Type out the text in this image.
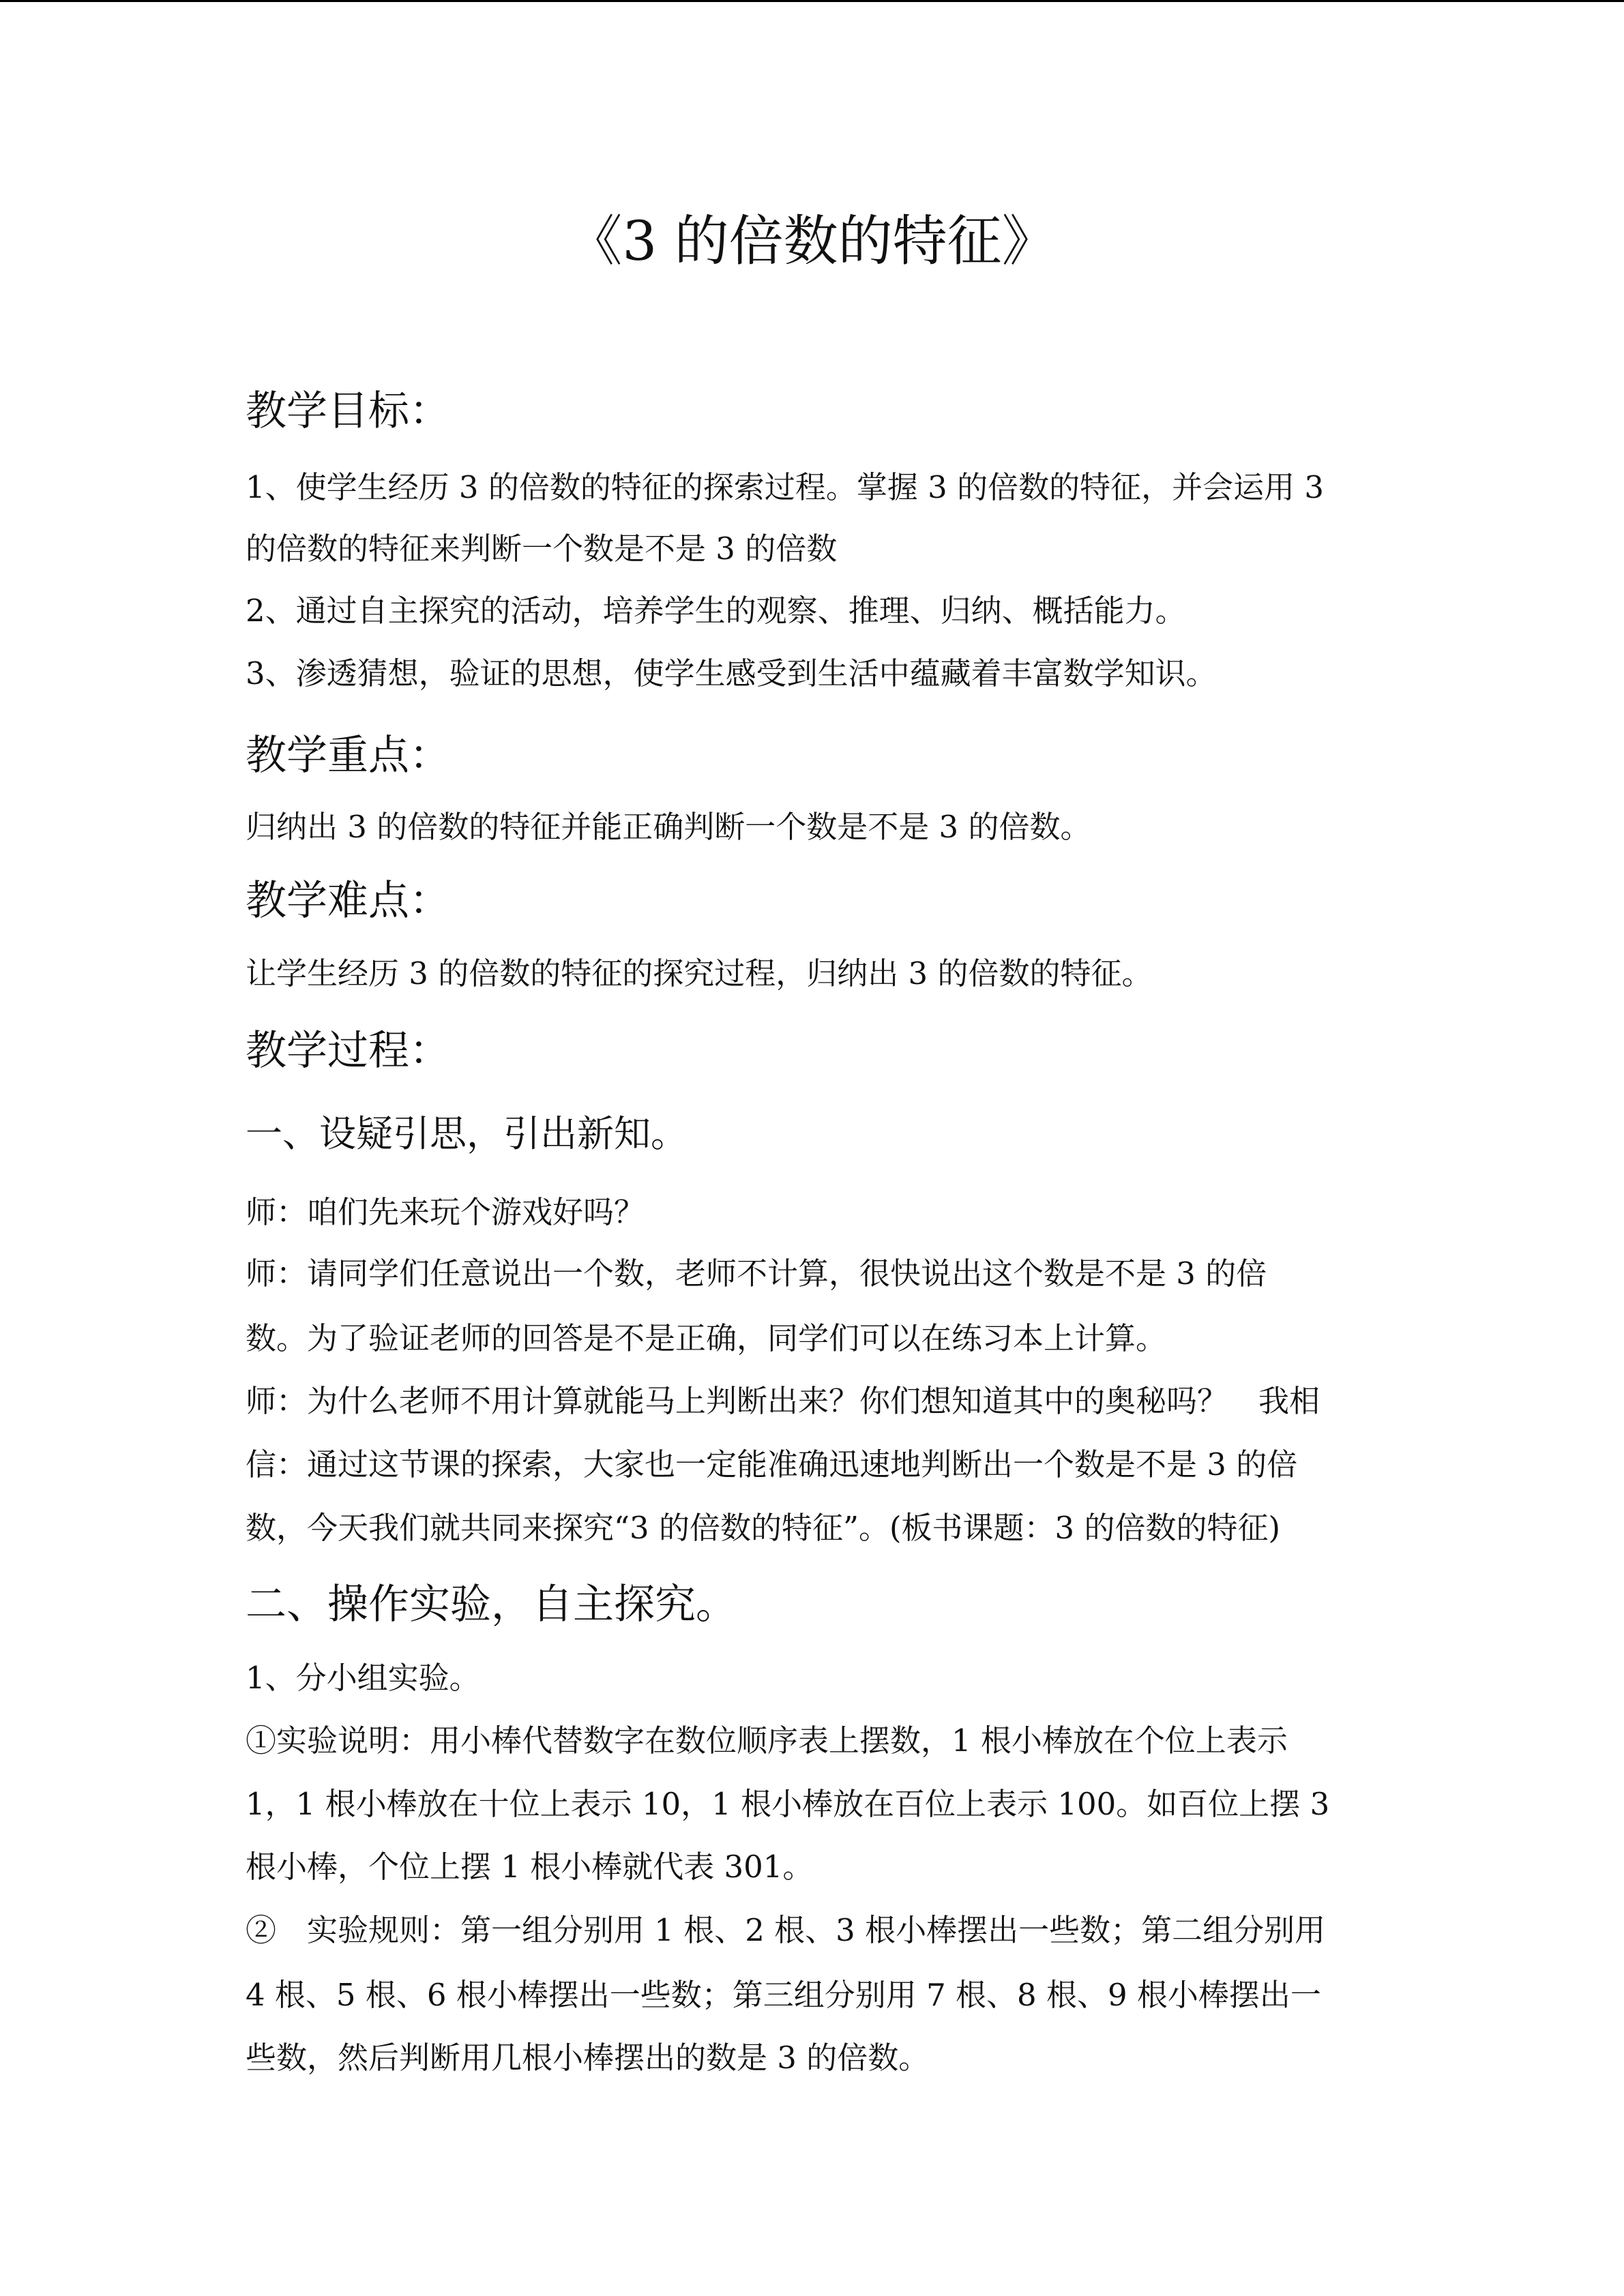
《3 的倍数的特征》
教学目标：
1、使学生经历 3 的倍数的特征的探索过程。掌握 3 的倍数的特征，并会运用 3
的倍数的特征来判断一个数是不是 3 的倍数
2、通过自主探究的活动，培养学生的观察、推理、归纳、概括能力。
3、渗透猜想，验证的思想，使学生感受到生活中蕴藏着丰富数学知识。
教学重点：
归纳出 3 的倍数的特征并能正确判断一个数是不是 3 的倍数。
教学难点：
让学生经历 3 的倍数的特征的探究过程，归纳出 3 的倍数的特征。
教学过程：
一、设疑引思，引出新知。
师：咱们先来玩个游戏好吗？
师：请同学们任意说出一个数，老师不计算，很快说出这个数是不是 3 的倍
数。为了验证老师的回答是不是正确，同学们可以在练习本上计算。
师：为什么老师不用计算就能马上判断出来？你们想知道其中的奥秘吗？　我相
信：通过这节课的探索，大家也一定能准确迅速地判断出一个数是不是 3 的倍
数，今天我们就共同来探究“3 的倍数的特征”。(板书课题：3 的倍数的特征)
二、操作实验，自主探究。
1、分小组实验。
①实验说明：用小棒代替数字在数位顺序表上摆数，1 根小棒放在个位上表示
1，1 根小棒放在十位上表示 10，1 根小棒放在百位上表示 100。如百位上摆 3
根小棒，个位上摆 1 根小棒就代表 301。
②　实验规则：第一组分别用 1 根、2 根、3 根小棒摆出一些数；第二组分别用
4 根、5 根、6 根小棒摆出一些数；第三组分别用 7 根、8 根、9 根小棒摆出一
些数，然后判断用几根小棒摆出的数是 3 的倍数。
